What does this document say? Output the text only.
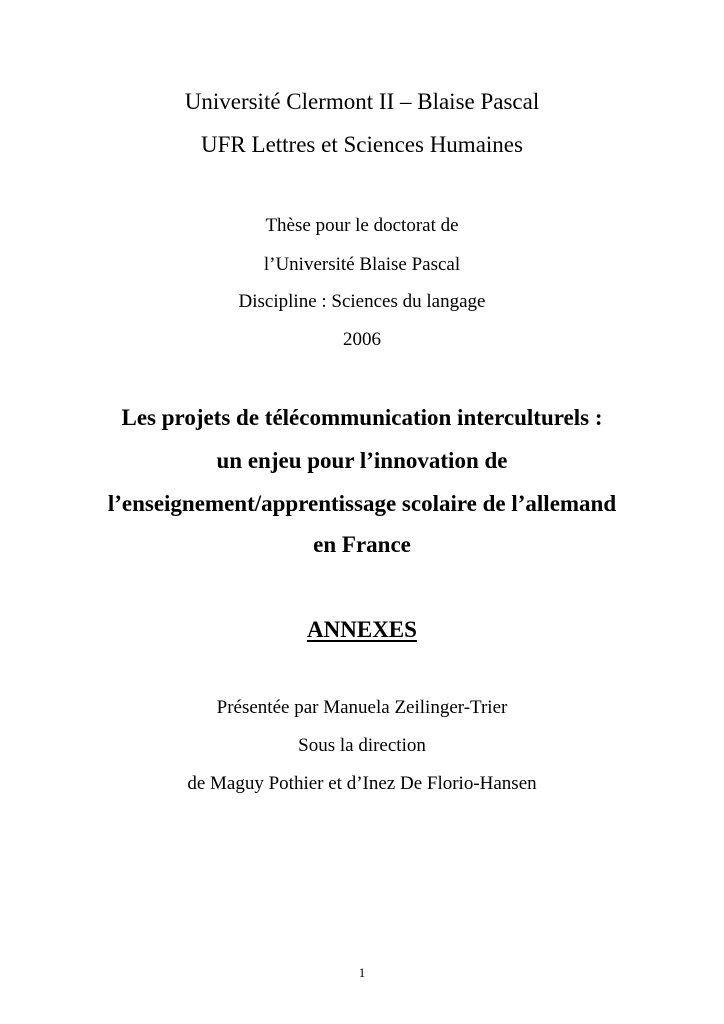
Université Clermont II – Blaise Pascal
UFR Lettres et Sciences Humaines
Thèse pour le doctorat de
l’Université Blaise Pascal
Discipline : Sciences du langage
2006
Les projets de télécommunication interculturels :
un enjeu pour l’innovation de
l’enseignement/apprentissage scolaire de l’allemand
en France
ANNEXES
Présentée par Manuela Zeilinger-Trier
Sous la direction
de Maguy Pothier et d’Inez De Florio-Hansen
1
